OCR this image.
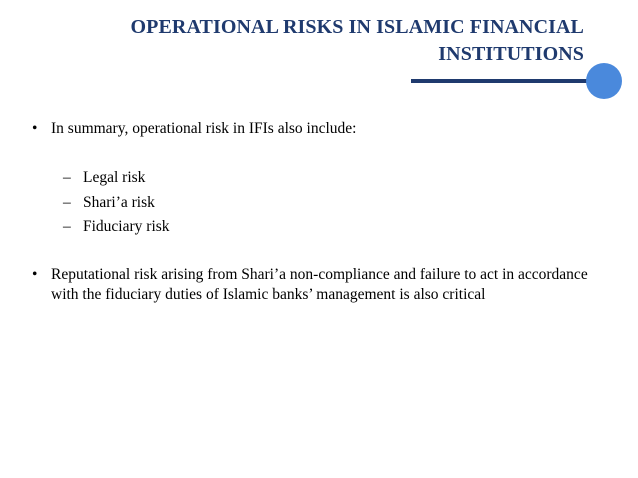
OPERATIONAL RISKS IN ISLAMIC FINANCIAL
INSTITUTIONS
• In summary, operational risk in IFIs also include:
– Legal risk
– Shari’a risk
– Fiduciary risk
• Reputational risk arising from Shari’a non-compliance and failure to act in accordance with the fiduciary duties of Islamic banks’ management is also critical
